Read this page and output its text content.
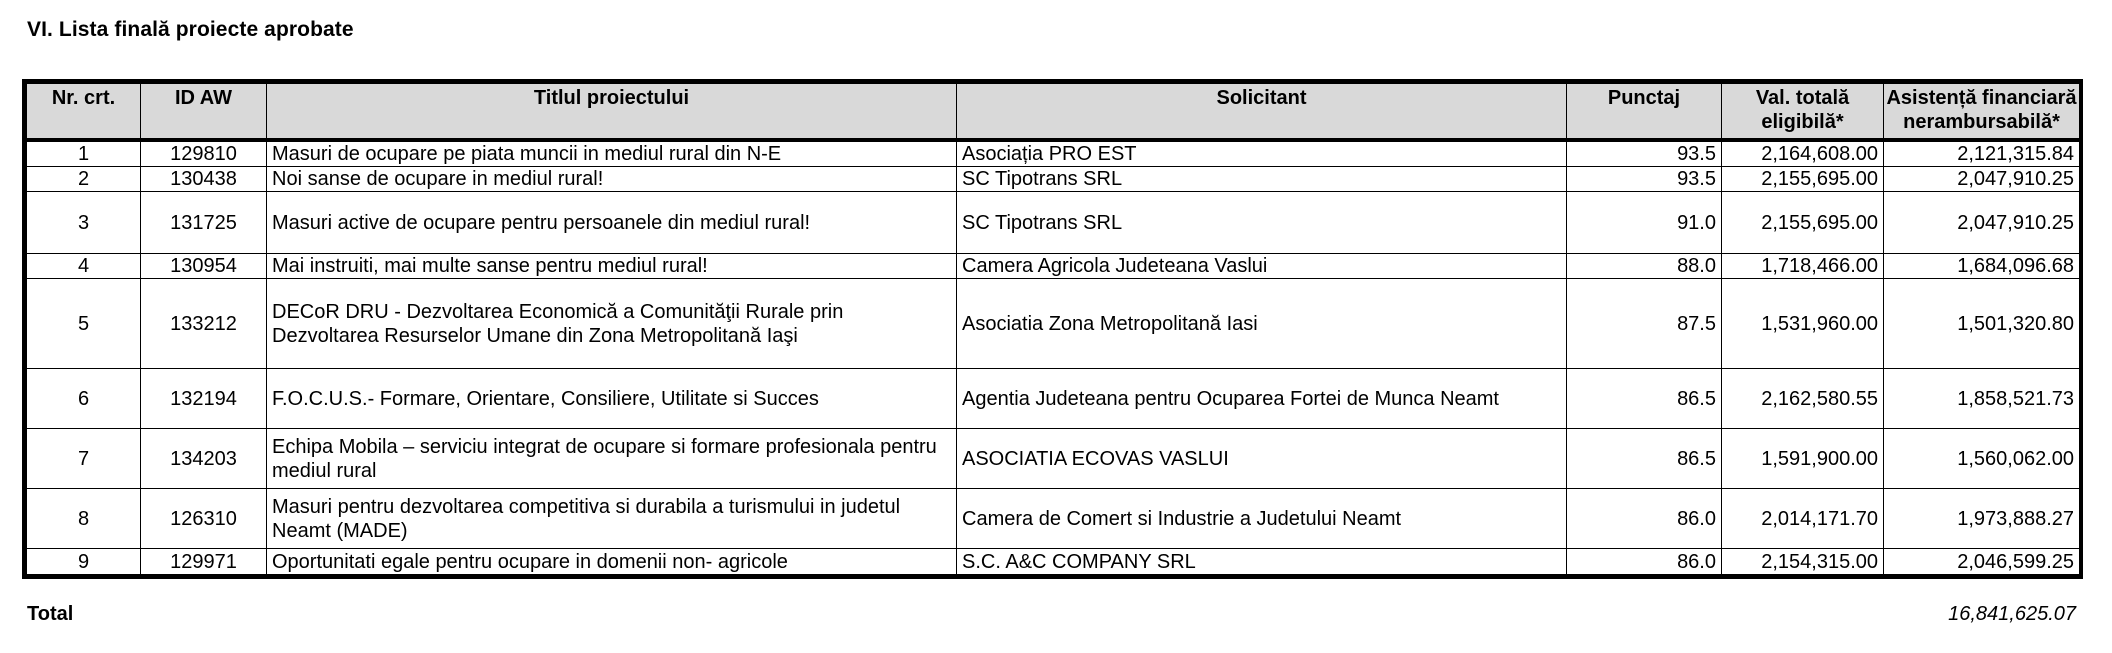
VI. Lista finală proiecte aprobate
Nr. crt.	ID AW	Titlul proiectului	Solicitant	Punctaj	Val. totală eligibilă*	Asistență financiară nerambursabilă*
1	129810	Masuri de ocupare pe piata muncii in mediul rural din N-E	Asociația PRO EST	93.5	2,164,608.00	2,121,315.84
2	130438	Noi sanse de ocupare in mediul rural!	SC Tipotrans SRL	93.5	2,155,695.00	2,047,910.25
3	131725	Masuri active de ocupare pentru persoanele din mediul rural!	SC Tipotrans SRL	91.0	2,155,695.00	2,047,910.25
4	130954	Mai instruiti, mai multe sanse pentru mediul rural!	Camera Agricola Judeteana Vaslui	88.0	1,718,466.00	1,684,096.68
5	133212	DECoR DRU - Dezvoltarea Economică a Comunităţii Rurale prin Dezvoltarea Resurselor Umane din Zona Metropolitană Iaşi	Asociatia Zona Metropolitană Iasi	87.5	1,531,960.00	1,501,320.80
6	132194	F.O.C.U.S.- Formare, Orientare, Consiliere, Utilitate si Succes	Agentia Judeteana pentru Ocuparea Fortei de Munca Neamt	86.5	2,162,580.55	1,858,521.73
7	134203	Echipa Mobila – serviciu integrat de ocupare si formare profesionala pentru mediul rural	ASOCIATIA ECOVAS VASLUI	86.5	1,591,900.00	1,560,062.00
8	126310	Masuri pentru dezvoltarea competitiva si durabila a turismului in judetul Neamt (MADE)	Camera de Comert si Industrie a Judetului Neamt	86.0	2,014,171.70	1,973,888.27
9	129971	Oportunitati egale pentru ocupare in domenii non- agricole	S.C. A&C COMPANY SRL	86.0	2,154,315.00	2,046,599.25
Total	16,841,625.07
